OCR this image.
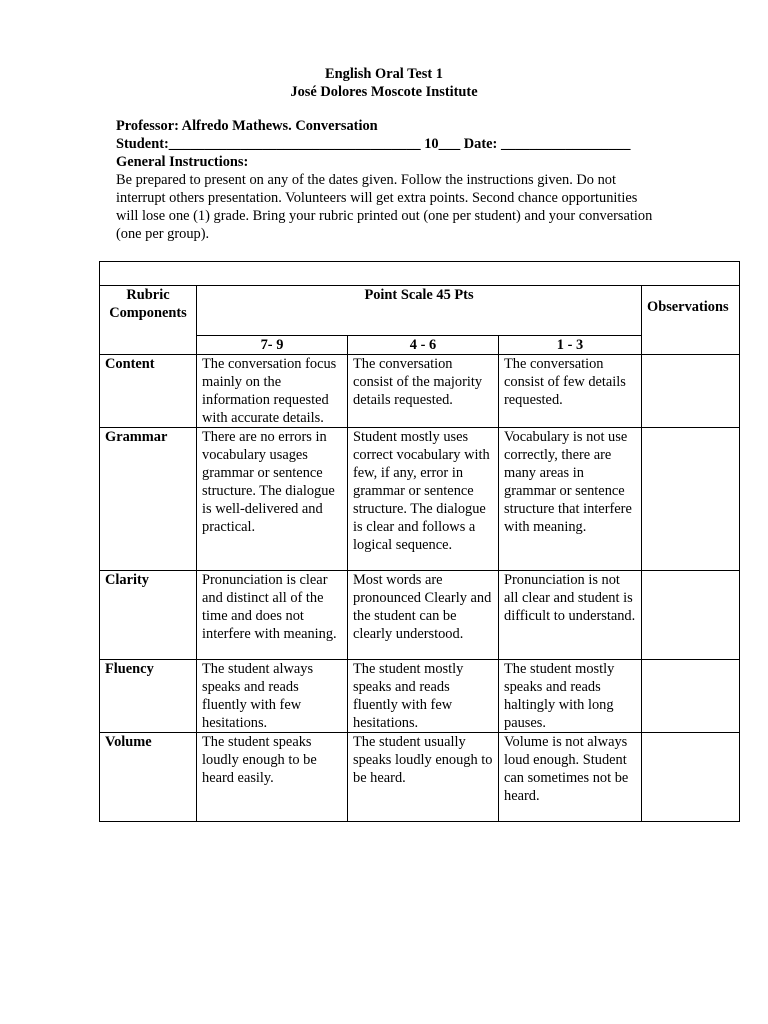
English Oral Test 1
José Dolores Moscote Institute
Professor: Alfredo Mathews. Conversation
Student:___________________________________ 10___ Date: __________________
General Instructions:
Be prepared to present on any of the dates given. Follow the instructions given. Do not interrupt others presentation. Volunteers will get extra points. Second chance opportunities will lose one (1) grade. Bring your rubric printed out (one per student) and your conversation (one per group).

Rubric Components	Point Scale 45 Pts			Observations
	7- 9	4 - 6	1 - 3	
Content	The conversation focus mainly on the information requested with accurate details.	The conversation consist of the majority details requested.	The conversation consist of few details requested.	
Grammar	There are no errors in vocabulary usages grammar or sentence structure. The dialogue is well-delivered and practical.	Student mostly uses correct vocabulary with few, if any, error in grammar or sentence structure. The dialogue is clear and follows a logical sequence.	Vocabulary is not use correctly, there are many areas in grammar or sentence structure that interfere with meaning.	
Clarity	Pronunciation is clear and distinct all of the time and does not interfere with meaning.	Most words are pronounced Clearly and the student can be clearly understood.	Pronunciation is not all clear and student is difficult to understand.	
Fluency	The student always speaks and reads fluently with few hesitations.	The student mostly speaks and reads fluently with few hesitations.	The student mostly speaks and reads haltingly with long pauses.	
Volume	The student speaks loudly enough to be heard easily.	The student usually speaks loudly enough to be heard.	Volume is not always loud enough. Student can sometimes not be heard.	
